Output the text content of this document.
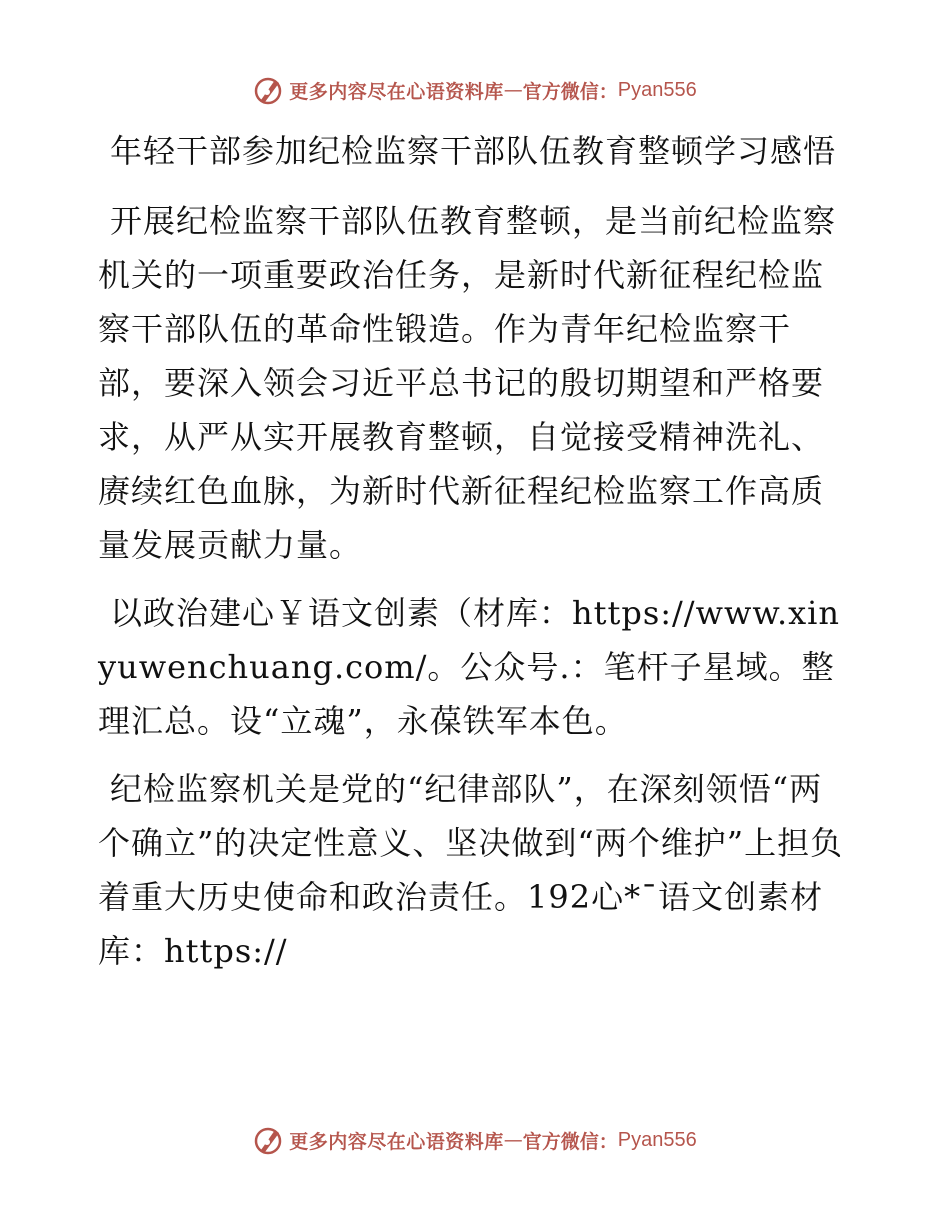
更多内容尽在心语资料库 — 官方微信： Pyan556

年轻干部参加纪检监察干部队伍教育整顿学习感悟

开展纪检监察干部队伍教育整顿，是当前纪检监察机关的一项重要政治任务，是新时代新征程纪检监察干部队伍的革命性锻造。作为青年纪检监察干部，要深入领会习近平总书记的殷切期望和严格要求，从严从实开展教育整顿，自觉接受精神洗礼、赓续红色血脉，为新时代新征程纪检监察工作高质量发展贡献力量。

以政治建心￥语文创素（材库：https://www.xinyuwenchuang.com/。公众号.：笔杆子星域。整理汇总。设“立魂”，永葆铁军本色。

纪检监察机关是党的“纪律部队”，在深刻领悟“两个确立”的决定性意义、坚决做到“两个维护”上担负着重大历史使命和政治责任。192心*¯语文创素材库：https://

更多内容尽在心语资料库 — 官方微信： Pyan556
